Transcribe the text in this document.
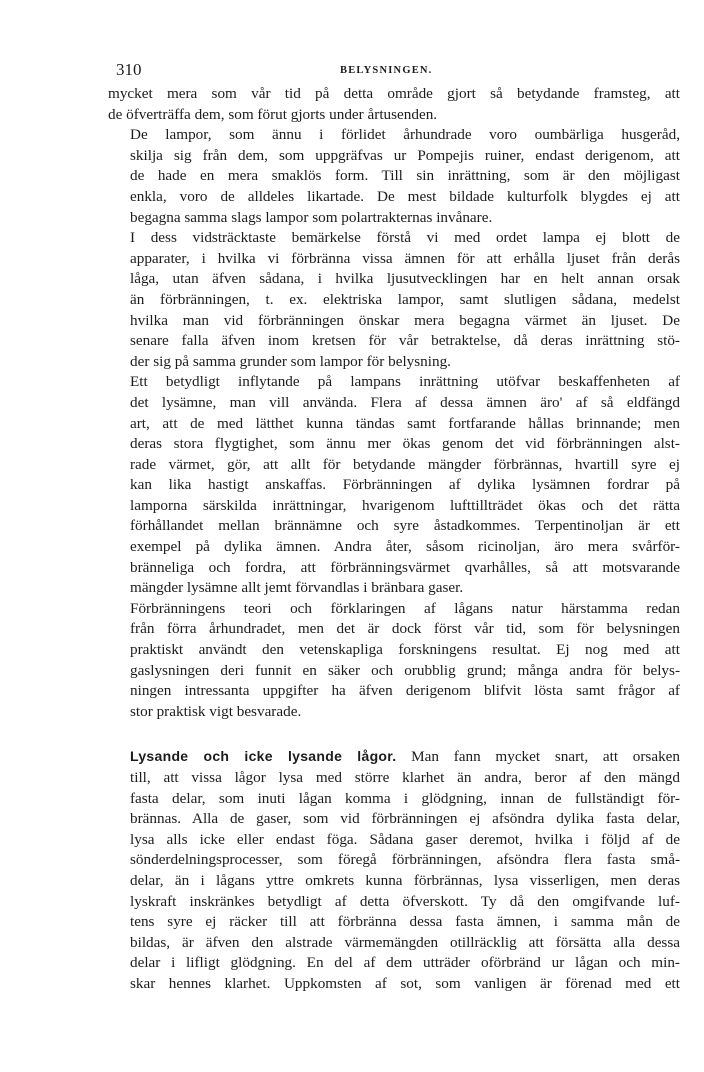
310	BELYSNINGEN.

mycket mera som vår tid på detta område gjort så betydande framsteg, att
de öfverträffa dem, som förut gjorts under årtusenden.

De lampor, som ännu i förlidet århundrade voro oumbärliga husgeråd,
skilja sig från dem, som uppgräfvas ur Pompejis ruiner, endast derigenom, att
de hade en mera smaklös form. Till sin inrättning, som är den möjligast
enkla, voro de alldeles likartade. De mest bildade kulturfolk blygdes ej att
begagna samma slags lampor som polartrakternas invånare.

I dess vidsträcktaste bemärkelse förstå vi med ordet lampa ej blott de
apparater, i hvilka vi förbränna vissa ämnen för att erhålla ljuset från derås
låga, utan äfven sådana, i hvilka ljusutvecklingen har en helt annan orsak
än förbränningen, t. ex. elektriska lampor, samt slutligen sådana, medelst
hvilka man vid förbränningen önskar mera begagna värmet än ljuset. De
senare falla äfven inom kretsen för vår betraktelse, då deras inrättning stö-
der sig på samma grunder som lampor för belysning.

Ett betydligt inflytande på lampans inrättning utöfvar beskaffenheten af
det lysämne, man vill använda. Flera af dessa ämnen äro' af så eldfängd
art, att de med lätthet kunna tändas samt fortfarande hållas brinnande; men
deras stora flygtighet, som ännu mer ökas genom det vid förbränningen alst-
rade värmet, gör, att allt för betydande mängder förbrännas, hvartill syre ej
kan lika hastigt anskaffas. Förbränningen af dylika lysämnen fordrar på
lamporna särskilda inrättningar, hvarigenom lufttillträdet ökas och det rätta
förhållandet mellan brännämne och syre åstadkommes. Terpentinoljan är ett
exempel på dylika ämnen. Andra åter, såsom ricinoljan, äro mera svårför-
bränneliga och fordra, att förbränningsvärmet qvarhålles, så att motsvarande
mängder lysämne allt jemt förvandlas i bränbara gaser.

Förbränningens teori och förklaringen af lågans natur härstamma redan
från förra århundradet, men det är dock först vår tid, som för belysningen
praktiskt användt den vetenskapliga forskningens resultat. Ej nog med att
gaslysningen deri funnit en säker och orubblig grund; många andra för belys-
ningen intressanta uppgifter ha äfven derigenom blifvit lösta samt frågor af
stor praktisk vigt besvarade.

Lysande och icke lysande lågor. Man fann mycket snart, att orsaken
till, att vissa lågor lysa med större klarhet än andra, beror af den mängd
fasta delar, som inuti lågan komma i glödgning, innan de fullständigt för-
brännas. Alla de gaser, som vid förbränningen ej afsöndra dylika fasta delar,
lysa alls icke eller endast föga. Sådana gaser deremot, hvilka i följd af de
sönderdelningsprocesser, som föregå förbränningen, afsöndra flera fasta små-
delar, än i lågans yttre omkrets kunna förbrännas, lysa visserligen, men deras
lyskraft inskränkes betydligt af detta öfverskott. Ty då den omgifvande luf-
tens syre ej räcker till att förbränna dessa fasta ämnen, i samma mån de
bildas, är äfven den alstrade värmemängden otillräcklig att försätta alla dessa
delar i lifligt glödgning. En del af dem utträder oförbränd ur lågan och min-
skar hennes klarhet. Uppkomsten af sot, som vanligen är förenad med ett
